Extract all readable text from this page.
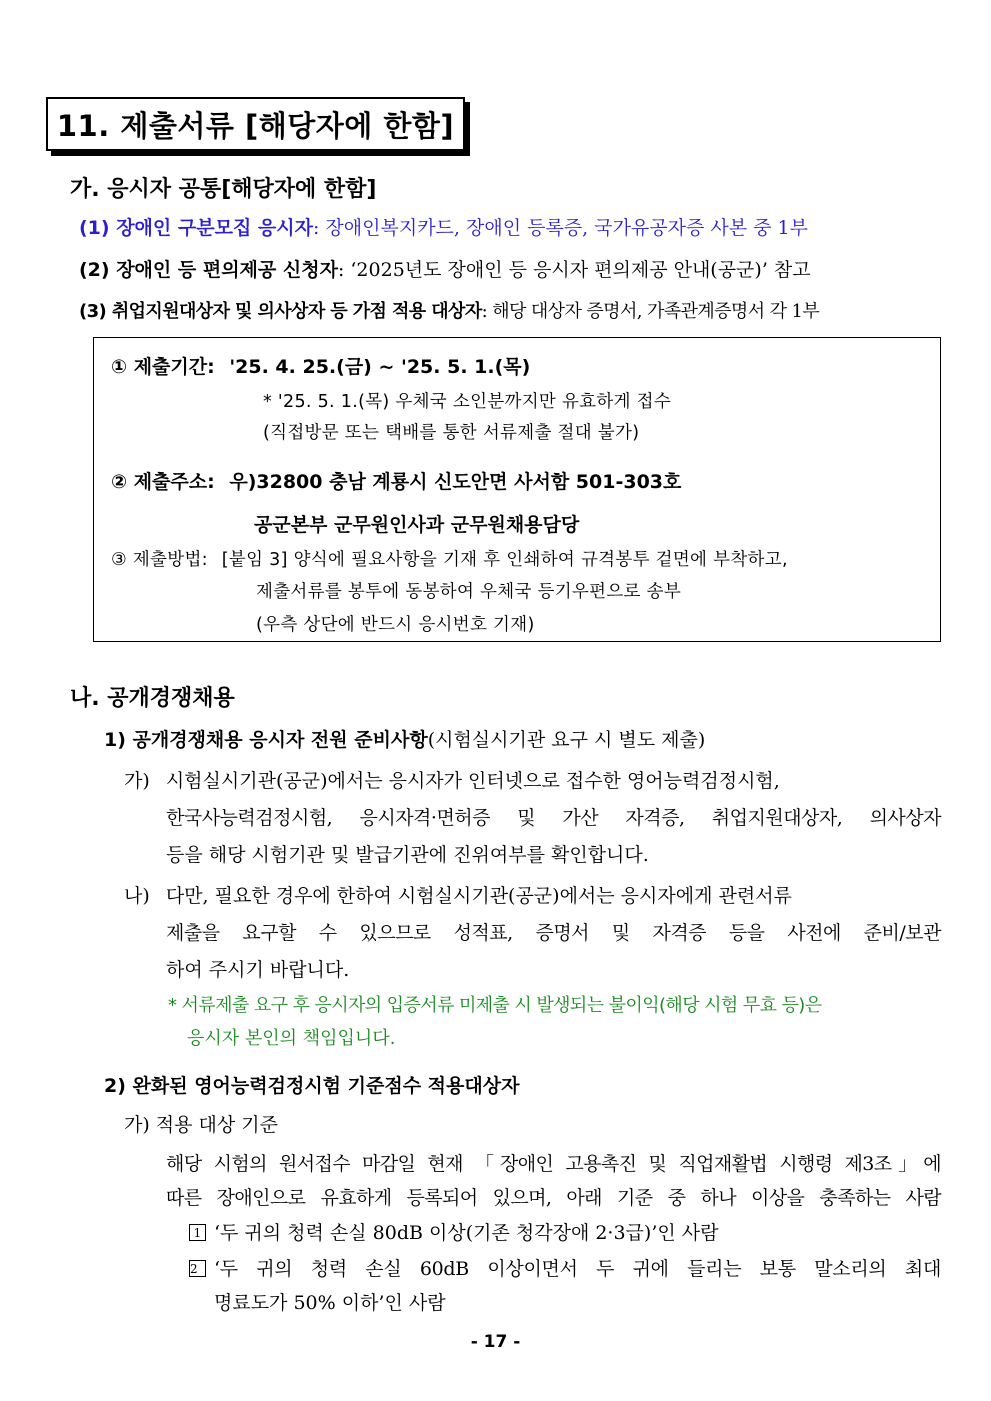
11. 제출서류 [해당자에 한함]
가. 응시자 공통[해당자에 한함]
(1) 장애인 구분모집 응시자: 장애인복지카드, 장애인 등록증, 국가유공자증 사본 중 1부
(2) 장애인 등 편의제공 신청자: ‘2025년도 장애인 등 응시자 편의제공 안내(공군)’ 참고
(3) 취업지원대상자 및 의사상자 등 가점 적용 대상자: 해당 대상자 증명서, 가족관계증명서 각 1부
① 제출기간: '25. 4. 25.(금) ~ '25. 5. 1.(목)
* '25. 5. 1.(목) 우체국 소인분까지만 유효하게 접수
(직접방문 또는 택배를 통한 서류제출 절대 불가)
② 제출주소: 우)32800 충남 계룡시 신도안면 사서함 501-303호
공군본부 군무원인사과 군무원채용담당
③ 제출방법: [붙임 3] 양식에 필요사항을 기재 후 인쇄하여 규격봉투 겉면에 부착하고,
제출서류를 봉투에 동봉하여 우체국 등기우편으로 송부
(우측 상단에 반드시 응시번호 기재)
나. 공개경쟁채용
1) 공개경쟁채용 응시자 전원 준비사항(시험실시기관 요구 시 별도 제출)
가) 시험실시기관(공군)에서는 응시자가 인터넷으로 접수한 영어능력검정시험,
한국사능력검정시험, 응시자격·면허증 및 가산 자격증, 취업지원대상자, 의사상자
등을 해당 시험기관 및 발급기관에 진위여부를 확인합니다.
나) 다만, 필요한 경우에 한하여 시험실시기관(공군)에서는 응시자에게 관련서류
제출을 요구할 수 있으므로 성적표, 증명서 및 자격증 등을 사전에 준비/보관
하여 주시기 바랍니다.
* 서류제출 요구 후 응시자의 입증서류 미제출 시 발생되는 불이익(해당 시험 무효 등)은
응시자 본인의 책임입니다.
2) 완화된 영어능력검정시험 기준점수 적용대상자
가) 적용 대상 기준
해당 시험의 원서접수 마감일 현재 「장애인 고용촉진 및 직업재활법 시행령 제3조」에
따른 장애인으로 유효하게 등록되어 있으며, 아래 기준 중 하나 이상을 충족하는 사람
1 ‘두 귀의 청력 손실 80dB 이상(기존 청각장애 2·3급)’인 사람
2 ‘두 귀의 청력 손실 60dB 이상이면서 두 귀에 들리는 보통 말소리의 최대
명료도가 50% 이하’인 사람
- 17 -
